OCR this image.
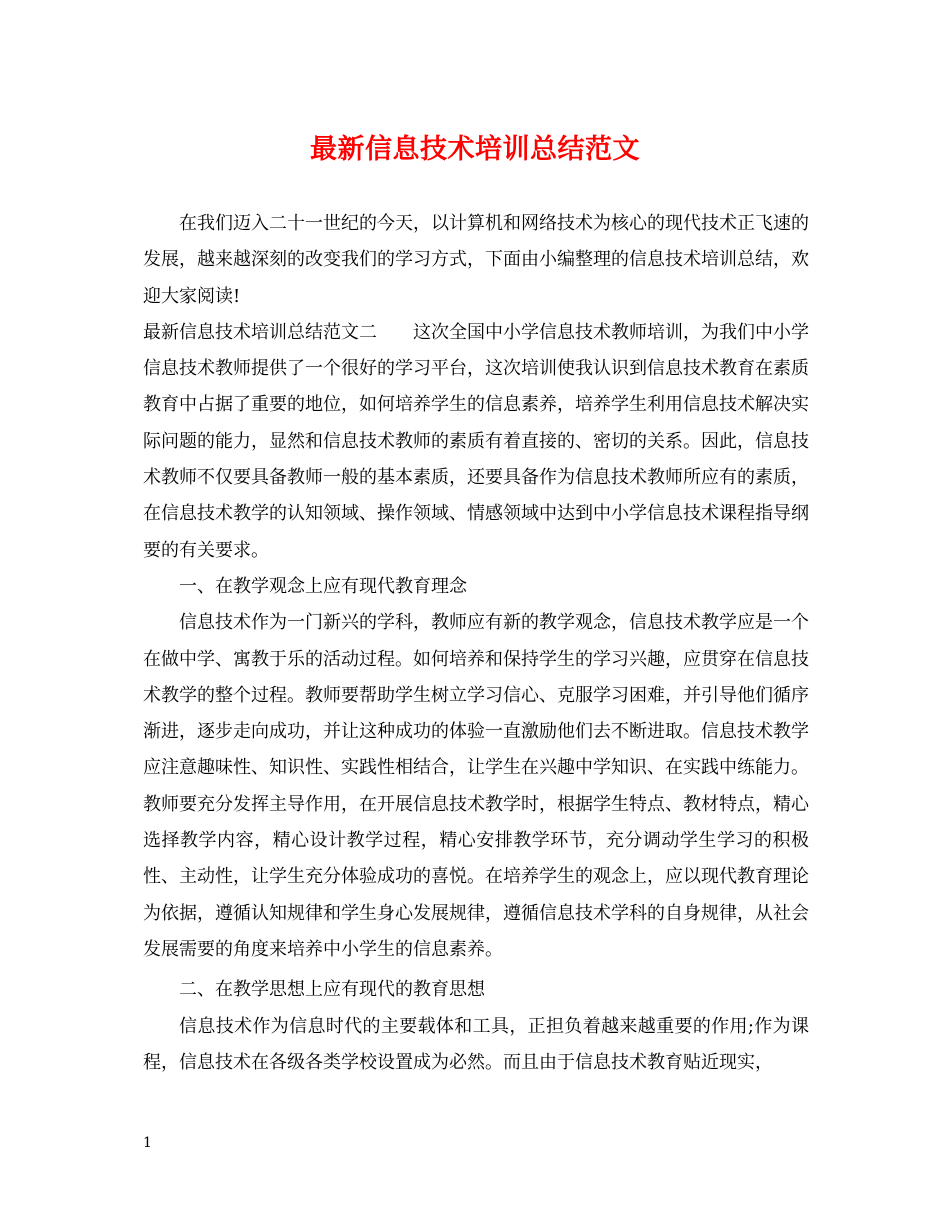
最新信息技术培训总结范文

在我们迈入二十一世纪的今天，以计算机和网络技术为核心的现代技术正飞速的发展，越来越深刻的改变我们的学习方式，下面由小编整理的信息技术培训总结，欢迎大家阅读!

最新信息技术培训总结范文二　　这次全国中小学信息技术教师培训，为我们中小学信息技术教师提供了一个很好的学习平台，这次培训使我认识到信息技术教育在素质教育中占据了重要的地位，如何培养学生的信息素养，培养学生利用信息技术解决实际问题的能力，显然和信息技术教师的素质有着直接的、密切的关系。因此，信息技术教师不仅要具备教师一般的基本素质，还要具备作为信息技术教师所应有的素质，在信息技术教学的认知领域、操作领域、情感领域中达到中小学信息技术课程指导纲要的有关要求。

一、在教学观念上应有现代教育理念

信息技术作为一门新兴的学科，教师应有新的教学观念，信息技术教学应是一个在做中学、寓教于乐的活动过程。如何培养和保持学生的学习兴趣，应贯穿在信息技术教学的整个过程。教师要帮助学生树立学习信心、克服学习困难，并引导他们循序渐进，逐步走向成功，并让这种成功的体验一直激励他们去不断进取。信息技术教学应注意趣味性、知识性、实践性相结合，让学生在兴趣中学知识、在实践中练能力。教师要充分发挥主导作用，在开展信息技术教学时，根据学生特点、教材特点，精心选择教学内容，精心设计教学过程，精心安排教学环节，充分调动学生学习的积极性、主动性，让学生充分体验成功的喜悦。在培养学生的观念上，应以现代教育理论为依据，遵循认知规律和学生身心发展规律，遵循信息技术学科的自身规律，从社会发展需要的角度来培养中小学生的信息素养。

二、在教学思想上应有现代的教育思想

信息技术作为信息时代的主要载体和工具，正担负着越来越重要的作用;作为课程，信息技术在各级各类学校设置成为必然。而且由于信息技术教育贴近现实，

1
